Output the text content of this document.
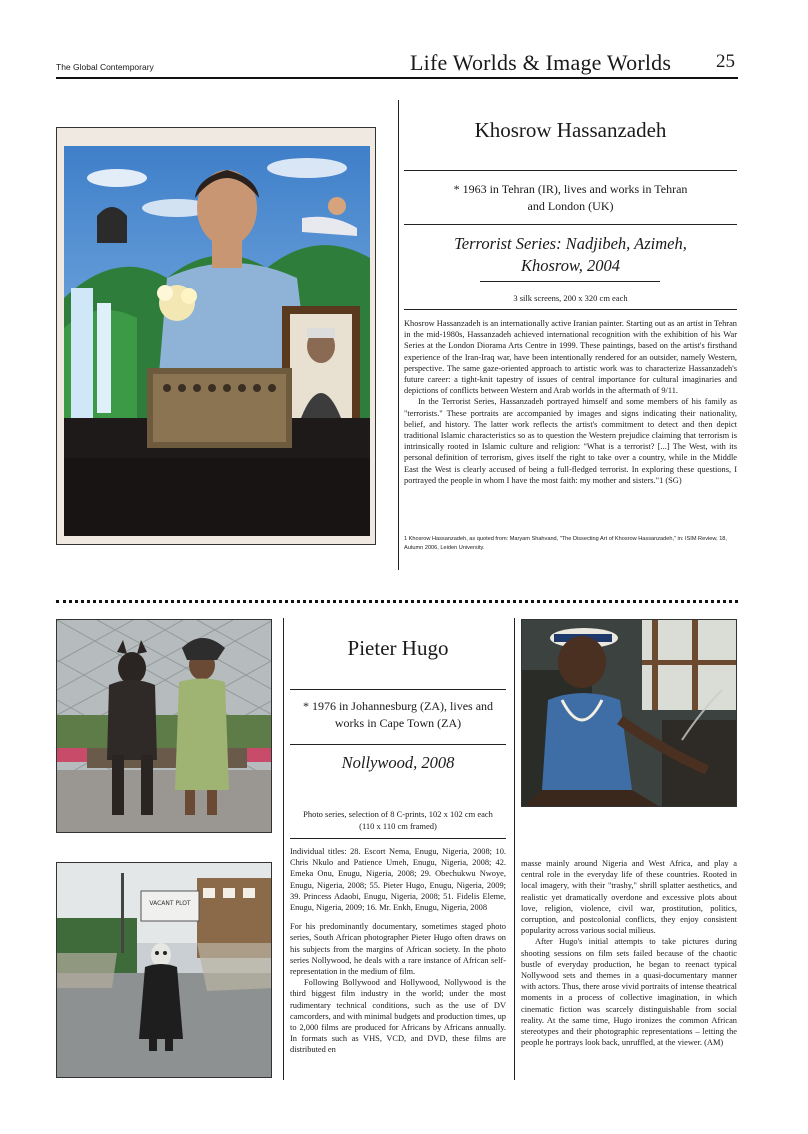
The Global Contemporary	Life Worlds & Image Worlds 25
Khosrow Hassanzadeh
* 1963 in Tehran (IR), lives and works in Tehran and London (UK)
Terrorist Series: Nadjibeh, Azimeh, Khosrow, 2004
3 silk screens, 200 x 320 cm each

Khosrow Hassanzadeh is an internationally active Iranian painter. Starting out as an artist in Tehran in the mid-1980s, Hassanzadeh achieved international recognition with the exhibition of his War Series at the London Diorama Arts Centre in 1999. These paintings, based on the artist's firsthand experience of the Iran-Iraq war, have been intentionally rendered for an outsider, namely Western, perspective. The same gaze-oriented approach to artistic work was to characterize Hassanzadeh's future career: a tight-knit tapestry of issues of central importance for cultural imaginaries and depictions of conflicts between Western and Arab worlds in the aftermath of 9/11.

In the Terrorist Series, Hassanzadeh portrayed himself and some members of his family as "terrorists." These portraits are accompanied by images and signs indicating their nationality, belief, and history. The latter work reflects the artist's commitment to detect and then depict traditional Islamic characteristics so as to question the Western prejudice claiming that terrorism is intrinsically rooted in Islamic culture and religion: "What is a terrorist? [...] The West, with its personal definition of terrorism, gives itself the right to take over a country, while in the Middle East the West is clearly accused of being a full-fledged terrorist. In exploring these questions, I portrayed the people in whom I have the most faith: my mother and sisters."1 (SG)

1 Khosrow Hassanzadeh, as quoted from: Maryam Shahvand, "The Dissecting Art of Khosrow Hassanzadeh," in: ISIM Review, 18, Autumn 2006, Leiden University.
VACANT PLOT
Pieter Hugo
* 1976 in Johannesburg (ZA), lives and works in Cape Town (ZA)
Nollywood, 2008
Photo series, selection of 8 C-prints, 102 x 102 cm each (110 x 110 cm framed)

Individual titles: 28. Escort Nema, Enugu, Nigeria, 2008; 10. Chris Nkulo and Patience Umeh, Enugu, Nigeria, 2008; 42. Emeka Onu, Enugu, Nigeria, 2008; 29. Obechukwu Nwoye, Enugu, Nigeria, 2008; 55. Pieter Hugo, Enugu, Nigeria, 2009; 39. Princess Adaobi, Enugu, Nigeria, 2008; 51. Fidelis Eleme, Enugu, Nigeria, 2009; 16. Mr. Enkh, Enugu, Nigeria, 2008

For his predominantly documentary, sometimes staged photo series, South African photographer Pieter Hugo often draws on his subjects from the margins of African society. In the photo series Nollywood, he deals with a rare instance of African self-representation in the medium of film.

Following Bollywood and Hollywood, Nollywood is the third biggest film industry in the world; under the most rudimentary technical conditions, such as the use of DV camcorders, and with minimal budgets and production times, up to 2,000 films are produced for Africans by Africans annually. In formats such as VHS, VCD, and DVD, these films are distributed en

masse mainly around Nigeria and West Africa, and play a central role in the everyday life of these countries. Rooted in local imagery, with their "trashy," shrill splatter aesthetics, and realistic yet dramatically overdone and excessive plots about love, religion, violence, civil war, prostitution, politics, corruption, and postcolonial conflicts, they enjoy consistent popularity across various social milieus.

After Hugo's initial attempts to take pictures during shooting sessions on film sets failed because of the chaotic bustle of everyday production, he began to reenact typical Nollywood sets and themes in a quasi-documentary manner with actors. Thus, there arose vivid portraits of intense theatrical moments in a process of collective imagination, in which cinematic fiction was scarcely distinguishable from social reality. At the same time, Hugo ironizes the common African stereotypes and their photographic representations – letting the people he portrays look back, unruffled, at the viewer. (AM)
